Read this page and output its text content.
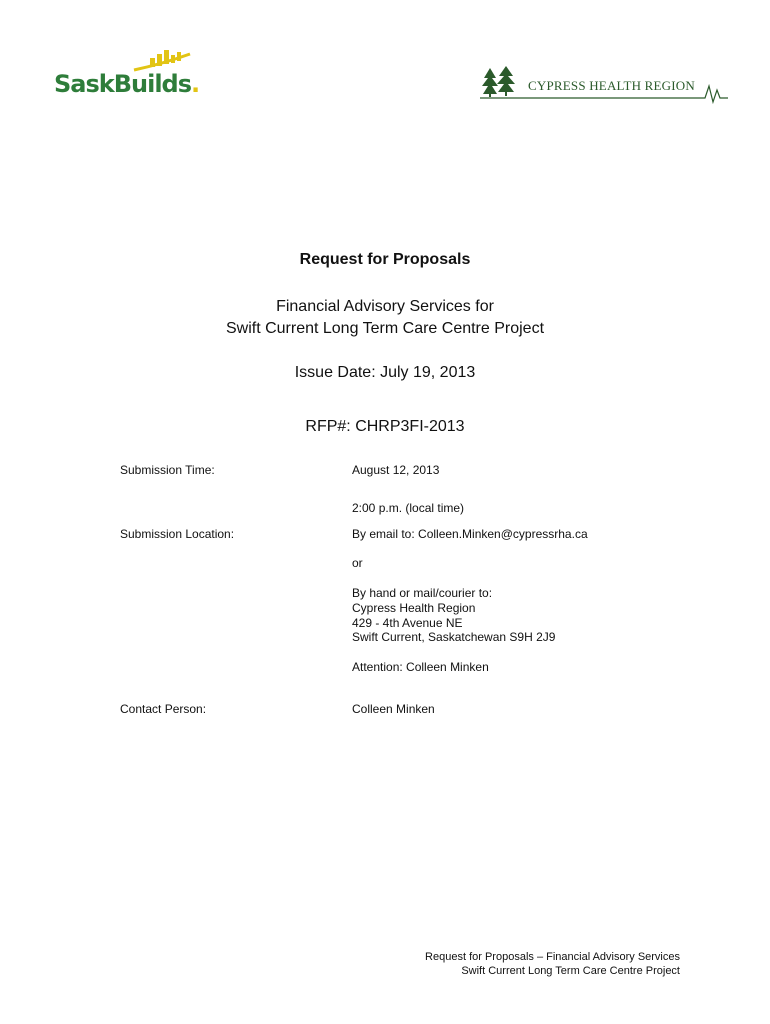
SaskBuilds.	CYPRESS HEALTH REGION
Request for Proposals

Financial Advisory Services for

Swift Current Long Term Care Centre Project

Issue Date: July 19, 2013
RFP#: CHRP3FI-2013
Submission Time:	August 12, 2013
2:00 p.m. (local time)
Submission Location:	By email to: Colleen.Minken@cypressrha.ca
or
By hand or mail/courier to:
Cypress Health Region
429 - 4th Avenue NE
Swift Current, Saskatchewan S9H 2J9
Attention: Colleen Minken
Contact Person:	Colleen Minken
Request for Proposals – Financial Advisory Services
Swift Current Long Term Care Centre Project
